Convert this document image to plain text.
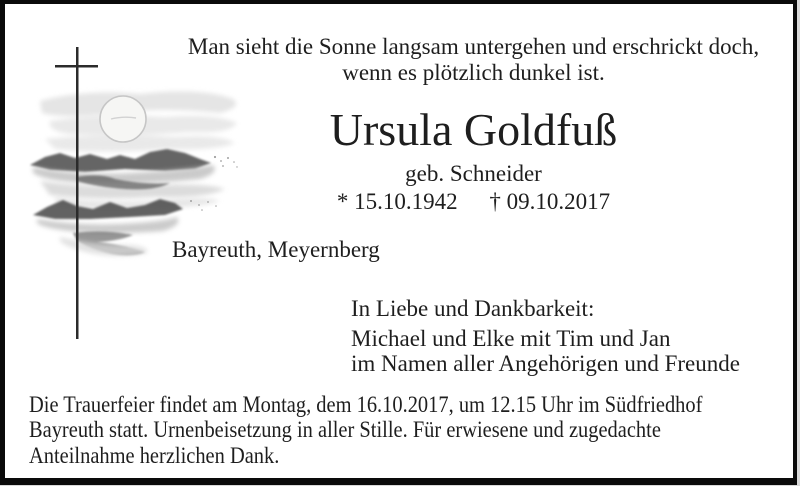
Man sieht die Sonne langsam untergehen und erschrickt doch,
wenn es plötzlich dunkel ist.
Ursula Goldfuß
geb. Schneider
* 15.10.1942 † 09.10.2017
Bayreuth, Meyernberg
In Liebe und Dankbarkeit:
Michael und Elke mit Tim und Jan
im Namen aller Angehörigen und Freunde
Die Trauerfeier findet am Montag, dem 16.10.2017, um 12.15 Uhr im Südfriedhof
Bayreuth statt. Urnenbeisetzung in aller Stille. Für erwiesene und zugedachte
Anteilnahme herzlichen Dank.
